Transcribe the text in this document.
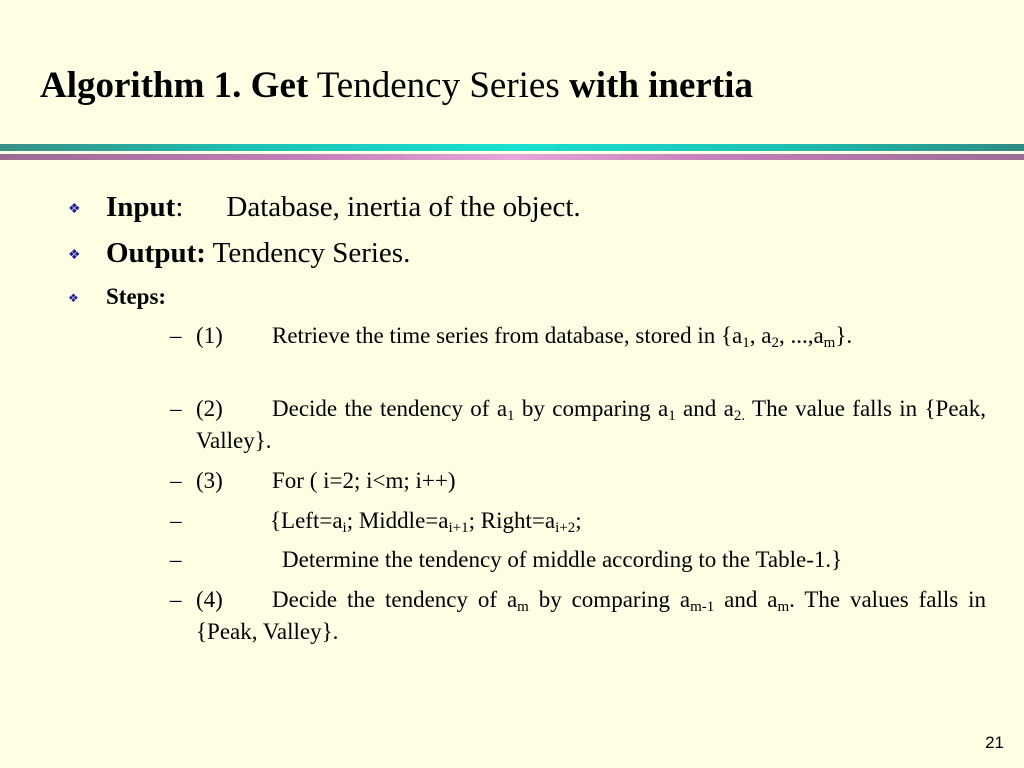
Algorithm 1. Get Tendency Series with inertia
❖ Input: Database, inertia of the object.
❖ Output: Tendency Series.
❖	Steps:
– (1) Retrieve the time series from database, stored in {$a_1$, $a_2$, $...,a_m$}.
– (2) Decide the tendency of $a_1$ by comparing $a_1$ and $a_{2.}$ The value falls in {Peak, Valley}.
– (3) For ( i=2; i<m; i++)
–	{$Left=a_i$; $Middle=a_{i+1}$; $Right=a_{i+2}$;
–	Determine the tendency of middle according to the Table-1.}
– (4) Decide the tendency of $a_m$ by comparing $a_{m-1}$ and $a_m$. The values falls in {Peak, Valley}.
21
